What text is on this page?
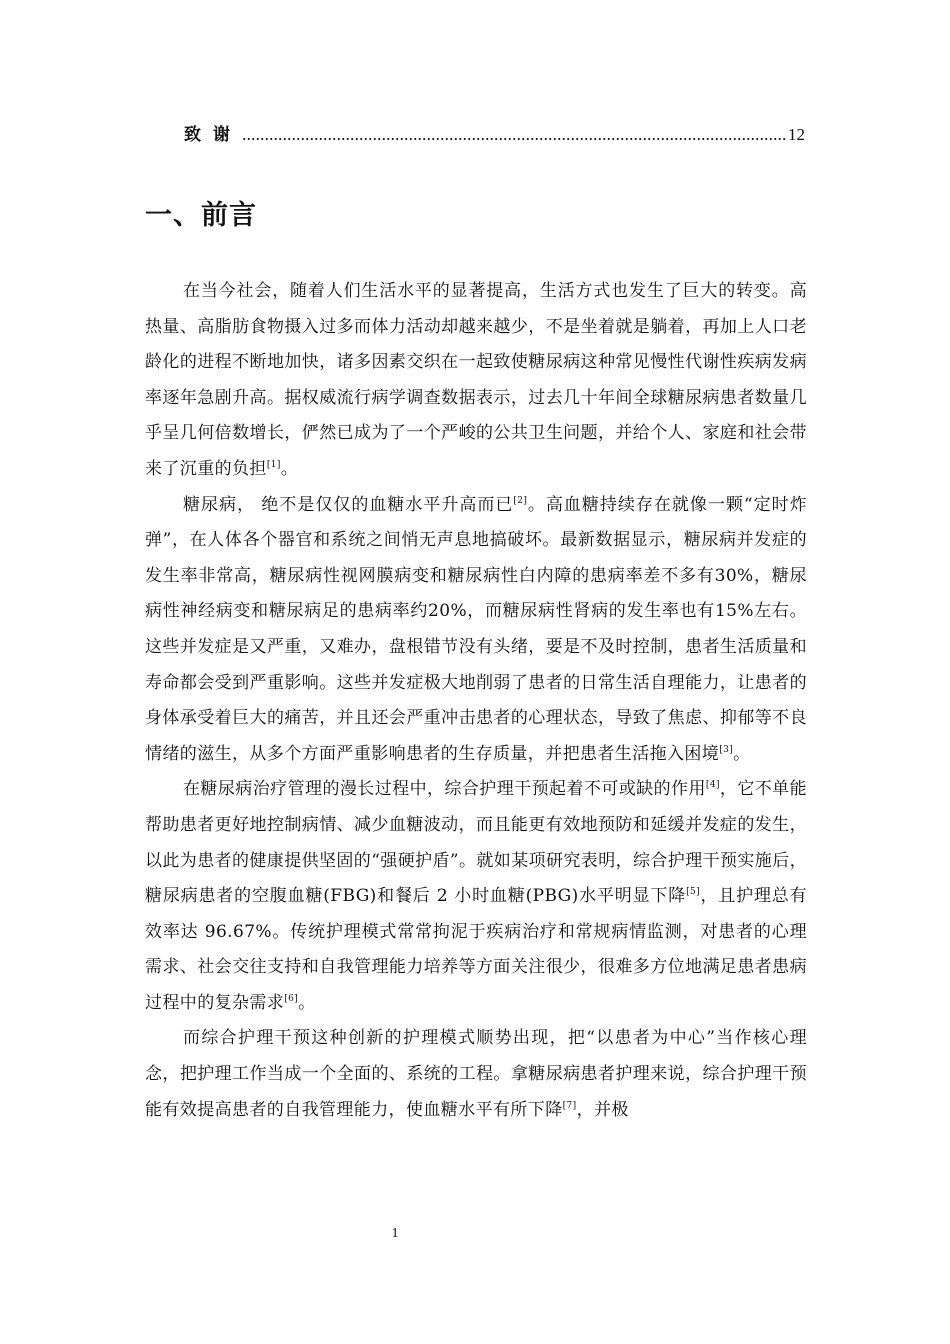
致谢	12
一、前言

在当今社会，随着人们生活水平的显著提高，生活方式也发生了巨大的转变。高热量、高脂肪食物摄入过多而体力活动却越来越少，不是坐着就是躺着，再加上人口老龄化的进程不断地加快，诸多因素交织在一起致使糖尿病这种常见慢性代谢性疾病发病率逐年急剧升高。据权威流行病学调查数据表示，过去几十年间全球糖尿病患者数量几乎呈几何倍数增长，俨然已成为了一个严峻的公共卫生问题，并给个人、家庭和社会带来了沉重的负担[1]。

糖尿病， 绝不是仅仅的血糖水平升高而已[2]。高血糖持续存在就像一颗“定时炸弹”，在人体各个器官和系统之间悄无声息地搞破坏。最新数据显示，糖尿病并发症的发生率非常高，糖尿病性视网膜病变和糖尿病性白内障的患病率差不多有30%，糖尿病性神经病变和糖尿病足的患病率约20%，而糖尿病性肾病的发生率也有15%左右。这些并发症是又严重，又难办，盘根错节没有头绪，要是不及时控制，患者生活质量和寿命都会受到严重影响。这些并发症极大地削弱了患者的日常生活自理能力，让患者的身体承受着巨大的痛苦，并且还会严重冲击患者的心理状态，导致了焦虑、抑郁等不良情绪的滋生，从多个方面严重影响患者的生存质量，并把患者生活拖入困境[3]。

在糖尿病治疗管理的漫长过程中，综合护理干预起着不可或缺的作用[4]，它不单能帮助患者更好地控制病情、减少血糖波动，而且能更有效地预防和延缓并发症的发生，以此为患者的健康提供坚固的“强硬护盾”。就如某项研究表明，综合护理干预实施后，糖尿病患者的空腹血糖(FBG)和餐后 2 小时血糖(PBG)水平明显下降[5]，且护理总有效率达 96.67%。传统护理模式常常拘泥于疾病治疗和常规病情监测，对患者的心理需求、社会交往支持和自我管理能力培养等方面关注很少，很难多方位地满足患者患病过程中的复杂需求[6]。

而综合护理干预这种创新的护理模式顺势出现，把“以患者为中心”当作核心理念，把护理工作当成一个全面的、系统的工程。拿糖尿病患者护理来说，综合护理干预能有效提高患者的自我管理能力，使血糖水平有所下降[7]，并极

1
